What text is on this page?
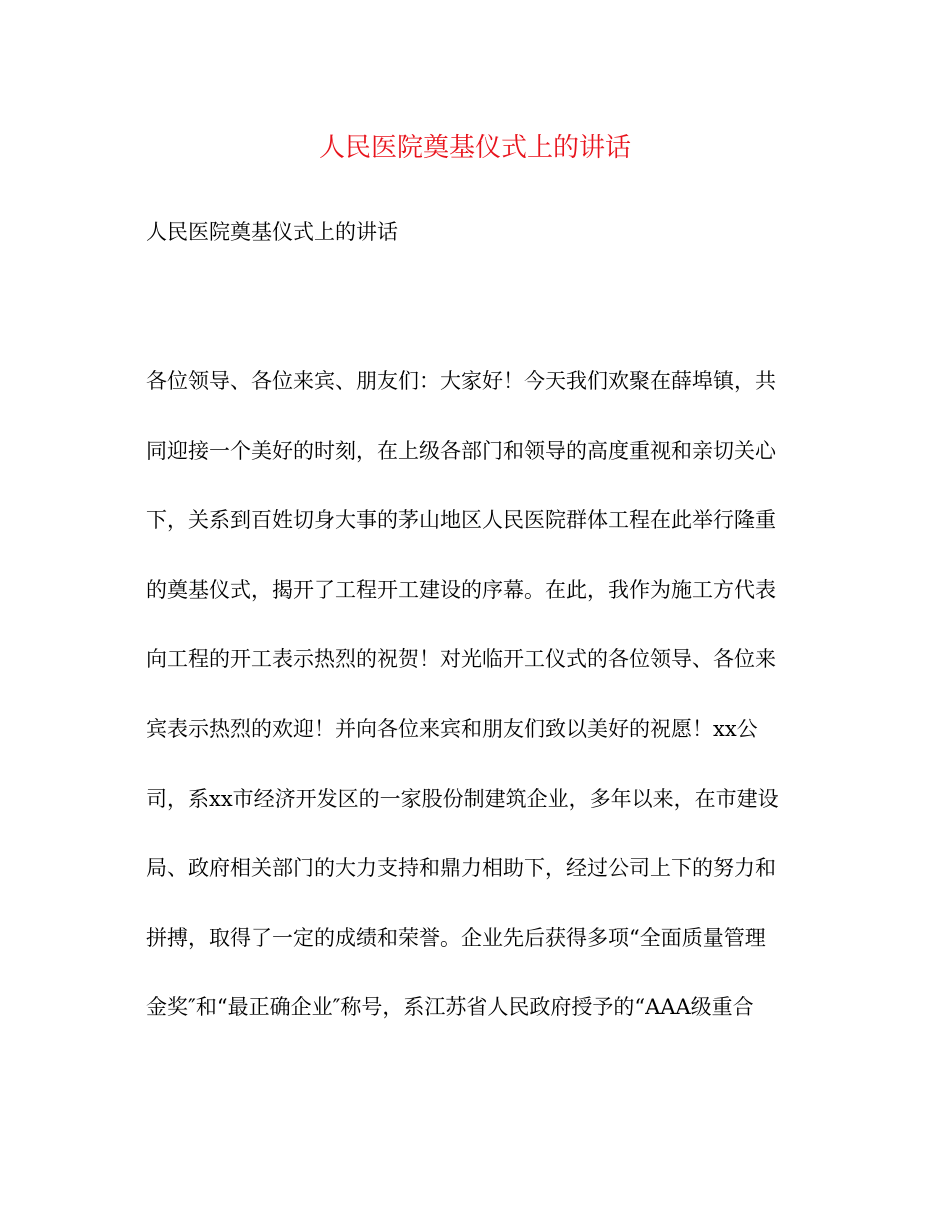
人民医院奠基仪式上的讲话

人民医院奠基仪式上的讲话

各位领导、各位来宾、朋友们：大家好！今天我们欢聚在薛埠镇，共
同迎接一个美好的时刻，在上级各部门和领导的高度重视和亲切关心
下，关系到百姓切身大事的茅山地区人民医院群体工程在此举行隆重
的奠基仪式，揭开了工程开工建设的序幕。在此，我作为施工方代表
向工程的开工表示热烈的祝贺！对光临开工仪式的各位领导、各位来
宾表示热烈的欢迎！并向各位来宾和朋友们致以美好的祝愿！xx公
司，系xx市经济开发区的一家股份制建筑企业，多年以来，在市建设
局、政府相关部门的大力支持和鼎力相助下，经过公司上下的努力和
拼搏，取得了一定的成绩和荣誉。企业先后获得多项“全面质量管理
金奖″和“最正确企业″称号，系江苏省人民政府授予的“AAA级重合
